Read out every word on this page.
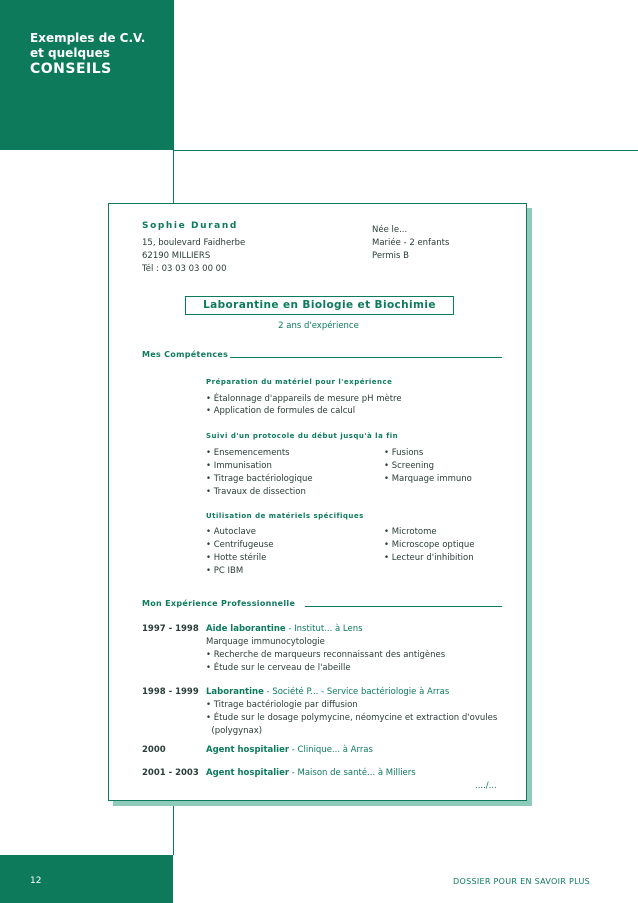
Exemples de C.V.
et quelques
CONSEILS
Sophie Durand
15, boulevard Faidherbe
62190 MILLIERS
Tél : 03 03 03 00 00
Née le...
Mariée - 2 enfants
Permis B
Laborantine en Biologie et Biochimie
2 ans d'expérience
Mes Compétences
Préparation du matériel pour l'expérience
• Étalonnage d'appareils de mesure pH mètre
• Application de formules de calcul
Suivi d'un protocole du début jusqu'à la fin
• Ensemencements
• Immunisation
• Titrage bactériologique
• Travaux de dissection
• Fusions
• Screening
• Marquage immuno
Utilisation de matériels spécifiques
• Autoclave
• Centrifugeuse
• Hotte stérile
• PC IBM
• Microtome
• Microscope optique
• Lecteur d'inhibition
Mon Expérience Professionnelle
1997 - 1998 Aide laborantine - Institut... à Lens
Marquage immunocytologie
• Recherche de marqueurs reconnaissant des antigènes
• Étude sur le cerveau de l'abeille
1998 - 1999 Laborantine - Société P... - Service bactériologie à Arras
• Titrage bactériologie par diffusion
• Étude sur le dosage polymycine, néomycine et extraction d'ovules
(polygynax)
2000	Agent hospitalier - Clinique... à Arras
2001 - 2003 Agent hospitalier - Maison de santé... à Milliers
..../...
12	DOSSIER POUR EN SAVOIR PLUS
